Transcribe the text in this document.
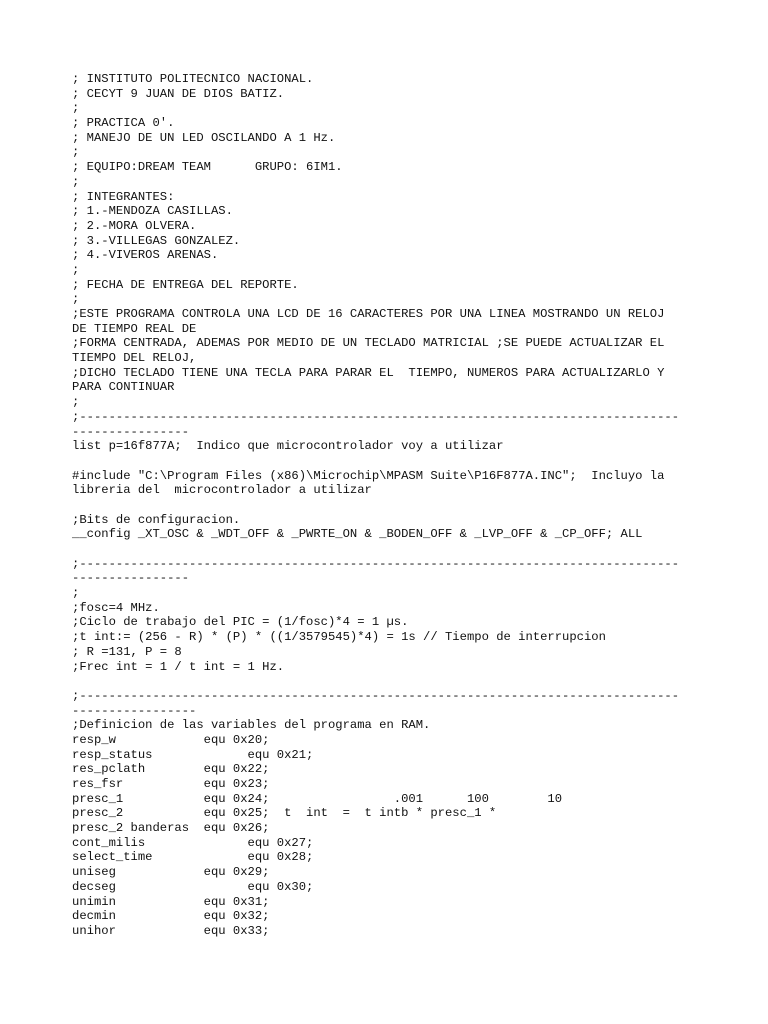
; INSTITUTO POLITECNICO NACIONAL.
; CECYT 9 JUAN DE DIOS BATIZ.
;
; PRACTICA 0'.
; MANEJO DE UN LED OSCILANDO A 1 Hz.
;
; EQUIPO:DREAM TEAM      GRUPO: 6IM1.
;
; INTEGRANTES:
; 1.-MENDOZA CASILLAS.
; 2.-MORA OLVERA.
; 3.-VILLEGAS GONZALEZ.
; 4.-VIVEROS ARENAS.
;
; FECHA DE ENTREGA DEL REPORTE.
;
;ESTE PROGRAMA CONTROLA UNA LCD DE 16 CARACTERES POR UNA LINEA MOSTRANDO UN RELOJ
DE TIEMPO REAL DE
;FORMA CENTRADA, ADEMAS POR MEDIO DE UN TECLADO MATRICIAL ;SE PUEDE ACTUALIZAR EL
TIEMPO DEL RELOJ,
;DICHO TECLADO TIENE UNA TECLA PARA PARAR EL  TIEMPO, NUMEROS PARA ACTUALIZARLO Y
PARA CONTINUAR
;
;----------------------------------------------------------------------------------
----------------
list p=16f877A;  Indico que microcontrolador voy a utilizar
#include "C:\Program Files (x86)\Microchip\MPASM Suite\P16F877A.INC";  Incluyo la
libreria del  microcontrolador a utilizar
;Bits de configuracion.
__config _XT_OSC & _WDT_OFF & _PWRTE_ON & _BODEN_OFF & _LVP_OFF & _CP_OFF; ALL
;----------------------------------------------------------------------------------
----------------
;
;fosc=4 MHz.
;Ciclo de trabajo del PIC = (1/fosc)*4 = 1 µs.
;t int:= (256 - R) * (P) * ((1/3579545)*4) = 1s // Tiempo de interrupcion
; R =131, P = 8
;Frec int = 1 / t int = 1 Hz.
;----------------------------------------------------------------------------------
-----------------
;Definicion de las variables del programa en RAM.
resp_w            equ 0x20;
resp_status             equ 0x21;
res_pclath        equ 0x22;
res_fsr           equ 0x23;
presc_1           equ 0x24;                 .001      100        10
presc_2           equ 0x25;  t  int  =  t intb * presc_1 *
presc_2 banderas  equ 0x26;
cont_milis              equ 0x27;
select_time             equ 0x28;
uniseg            equ 0x29;
decseg                  equ 0x30;
unimin            equ 0x31;
decmin            equ 0x32;
unihor            equ 0x33;
